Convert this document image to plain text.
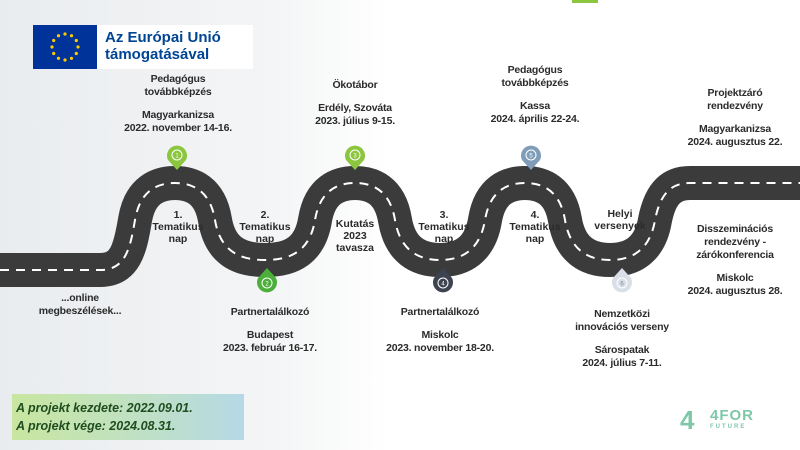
Az Európai Unió
támogatásával
1	3	5
2	4	6
Pedagógus
továbbképzés
Magyarkanizsa
2022. november 14-16.
Ökotábor
Erdély, Szováta
2023. július 9-15.
Pedagógus
továbbképzés
Kassa
2024. április 22-24.
Projektzáró
rendezvény
Magyarkanizsa
2024. augusztus 22.
1.
Tematikus
nap
2.
Tematikus
nap
Kutatás
2023
tavasza
3.
Tematikus
nap
4.
Tematikus
nap
Helyi
versenyek
...online
megbeszélések...	Partnertalálkozó
Budapest
2023. február 16-17.
Partnertalálkozó
Miskolc
2023. november 18-20.
Nemzetközi
innovációs verseny
Sárospatak
2024. július 7-11.
Disszeminációs
rendezvény -
zárókonferencia
Miskolc
2024. augusztus 28.
A projekt kezdete: 2022.09.01.
A projekt vége: 2024.08.31.	4 4FOR
FUTURE
